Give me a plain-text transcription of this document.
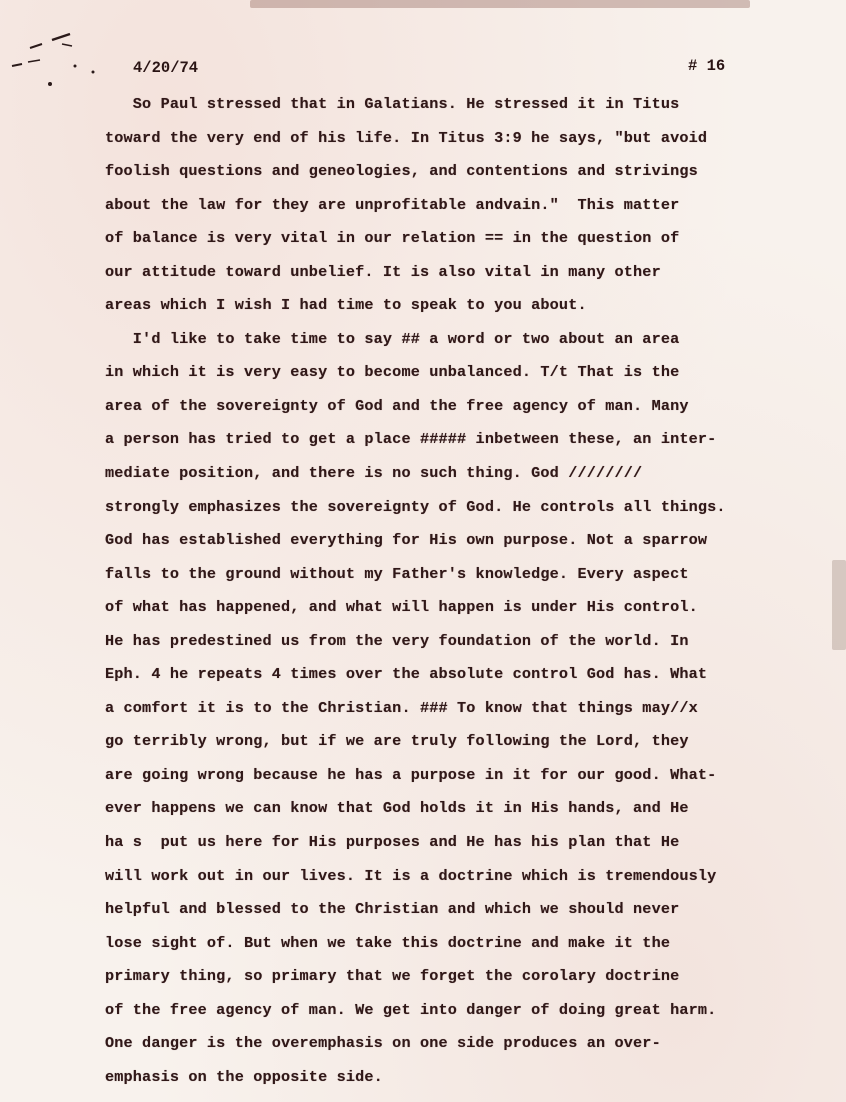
4/20/74	# 16
So Paul stressed that in Galatians. He stressed it in Titus
toward the very end of his life. In Titus 3:9 he says, "but avoid
foolish questions and geneologies, and contentions and strivings
about the law for they are unprofitable andvain."  This matter
of balance is very vital in our relation == in the question of
our attitude toward unbelief. It is also vital in many other
areas which I wish I had time to speak to you about.
I'd like to take time to say ## a word or two about an area
in which it is very easy to become unbalanced. T/t That is the
area of the sovereignty of God and the free agency of man. Many
a person has tried to get a place ##### inbetween these, an inter-
mediate position, and there is no such thing. God ////////
strongly emphasizes the sovereignty of God. He controls all things.
God has established everything for His own purpose. Not a sparrow
falls to the ground without my Father's knowledge. Every aspect
of what has happened, and what will happen is under His control.
He has predestined us from the very foundation of the world. In
Eph. 4 he repeats 4 times over the absolute control God has. What
a comfort it is to the Christian. ### To know that things may//x
go terribly wrong, but if we are truly following the Lord, they
are going wrong because he has a purpose in it for our good. What-
ever happens we can know that God holds it in His hands, and He
ha s  put us here for His purposes and He has his plan that He
will work out in our lives. It is a doctrine which is tremendously
helpful and blessed to the Christian and which we should never
lose sight of. But when we take this doctrine and make it the
primary thing, so primary that we forget the corolary doctrine
of the free agency of man. We get into danger of doing great harm.
One danger is the overemphasis on one side produces an over-
emphasis on the opposite side.
